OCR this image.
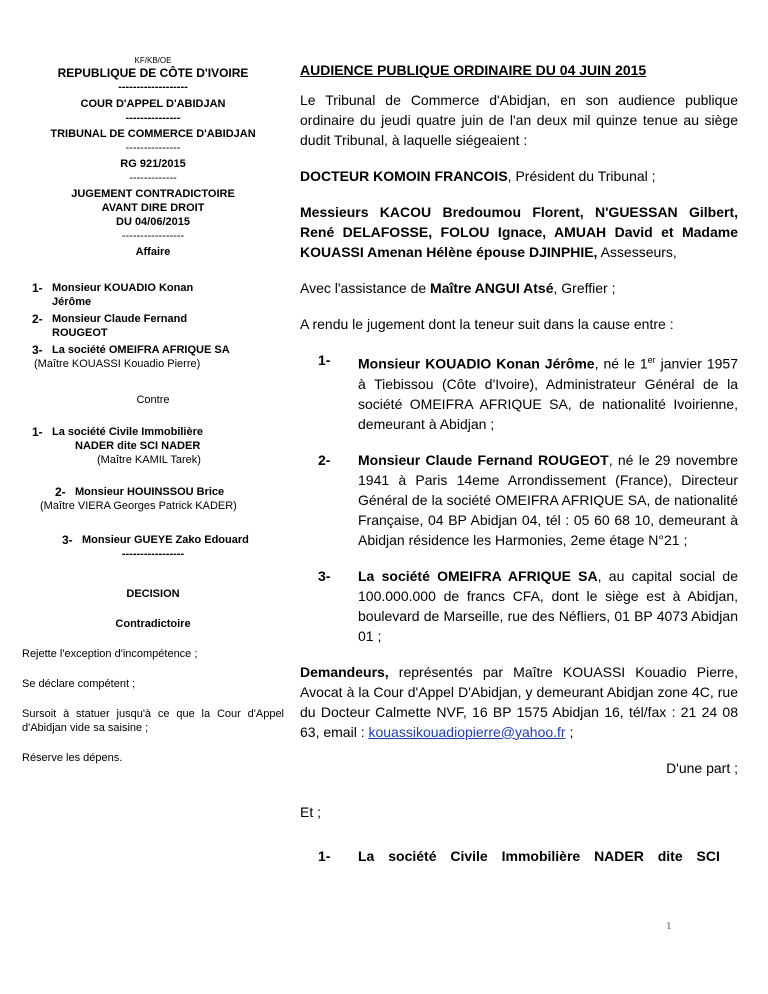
KF/KB/OE
REPUBLIQUE DE CÔTE D'IVOIRE
-------------------
COUR D'APPEL D'ABIDJAN
---------------
TRIBUNAL DE COMMERCE D'ABIDJAN
---------------
RG 921/2015
-------------
JUGEMENT CONTRADICTOIRE
AVANT DIRE DROIT
DU 04/06/2015
-----------------
Affaire
1- Monsieur KOUADIO Konan
Jérôme
2- Monsieur Claude Fernand
ROUGEOT
3- La société OMEIFRA AFRIQUE SA
(Maître KOUASSI Kouadio Pierre)
Contre
1- La société Civile Immobilière
NADER dite SCI NADER
(Maître KAMIL Tarek)
2- Monsieur HOUINSSOU Brice
(Maître VIERA Georges Patrick KADER)
3- Monsieur GUEYE Zako Edouard
-----------------
DECISION
Contradictoire
Rejette l'exception d'incompétence ;
Se déclare compétent ;
Sursoit à statuer jusqu'à ce que la Cour d'Appel d'Abidjan vide sa saisine ;
Réserve les dépens.
AUDIENCE PUBLIQUE ORDINAIRE DU 04 JUIN 2015
Le Tribunal de Commerce d'Abidjan, en son audience publique ordinaire du jeudi quatre juin de l'an deux mil quinze tenue au siège dudit Tribunal, à laquelle siégeaient :
DOCTEUR KOMOIN FRANCOIS, Président du Tribunal ;
Messieurs KACOU Bredoumou Florent, N'GUESSAN Gilbert, René DELAFOSSE, FOLOU Ignace, AMUAH David et Madame KOUASSI Amenan Hélène épouse DJINPHIE, Assesseurs,
Avec l'assistance de Maître ANGUI Atsé, Greffier ;
A rendu le jugement dont la teneur suit dans la cause entre :
1-	Monsieur KOUADIO Konan Jérôme, né le 1er janvier 1957 à Tiebissou (Côte d'Ivoire), Administrateur Général de la société OMEIFRA AFRIQUE SA, de nationalité Ivoirienne, demeurant à Abidjan ;
2-	Monsieur Claude Fernand ROUGEOT, né le 29 novembre 1941 à Paris 14eme Arrondissement (France), Directeur Général de la société OMEIFRA AFRIQUE SA, de nationalité Française, 04 BP Abidjan 04, tél : 05 60 68 10, demeurant à Abidjan résidence les Harmonies, 2eme étage N°21 ;
3-	La société OMEIFRA AFRIQUE SA, au capital social de 100.000.000 de francs CFA, dont le siège est à Abidjan, boulevard de Marseille, rue des Néfliers, 01 BP 4073 Abidjan 01 ;
Demandeurs, représentés par Maître KOUASSI Kouadio Pierre, Avocat à la Cour d'Appel D'Abidjan, y demeurant Abidjan zone 4C, rue du Docteur Calmette NVF, 16 BP 1575 Abidjan 16, tél/fax : 21 24 08 63, email : kouassikouadiopierre@yahoo.fr ;
D'une part ;
Et ;
1-	La société Civile Immobilière NADER dite SCI
1
